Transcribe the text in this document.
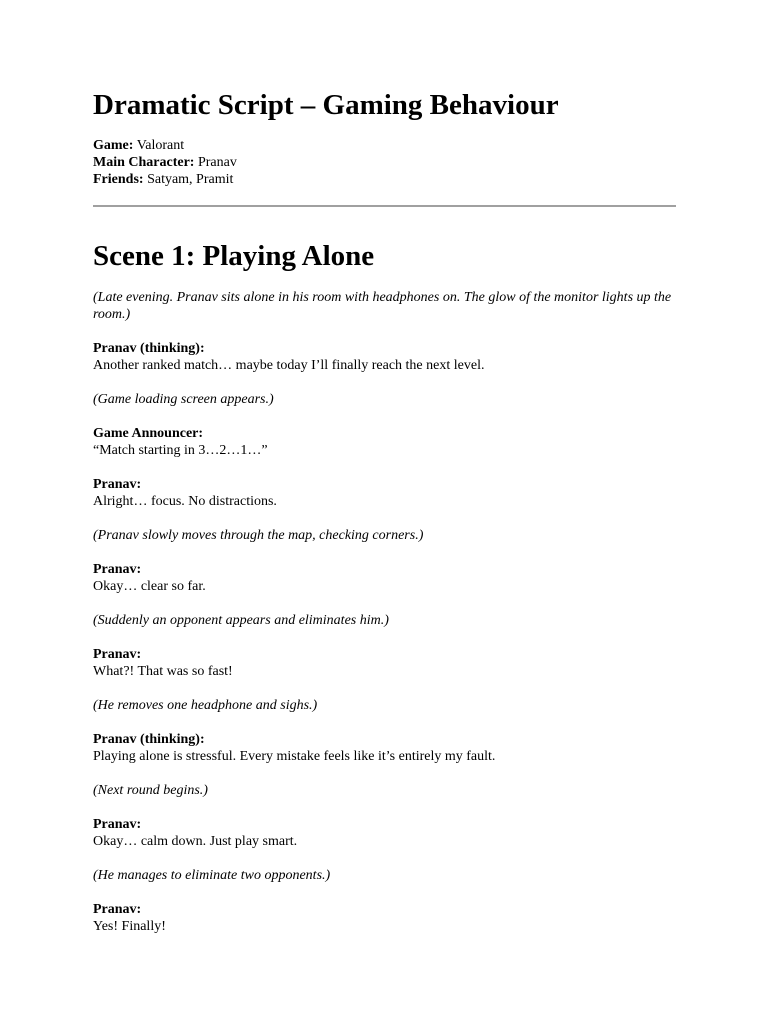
Dramatic Script – Gaming Behaviour
Game: Valorant
Main Character: Pranav
Friends: Satyam, Pramit
Scene 1: Playing Alone

(Late evening. Pranav sits alone in his room with headphones on. The glow of the monitor lights up the room.)

Pranav (thinking):
Another ranked match… maybe today I’ll finally reach the next level.

(Game loading screen appears.)

Game Announcer:
“Match starting in 3…2…1…”

Pranav:
Alright… focus. No distractions.

(Pranav slowly moves through the map, checking corners.)

Pranav:
Okay… clear so far.

(Suddenly an opponent appears and eliminates him.)

Pranav:
What?! That was so fast!

(He removes one headphone and sighs.)

Pranav (thinking):
Playing alone is stressful. Every mistake feels like it’s entirely my fault.

(Next round begins.)

Pranav:
Okay… calm down. Just play smart.

(He manages to eliminate two opponents.)

Pranav:
Yes! Finally!
